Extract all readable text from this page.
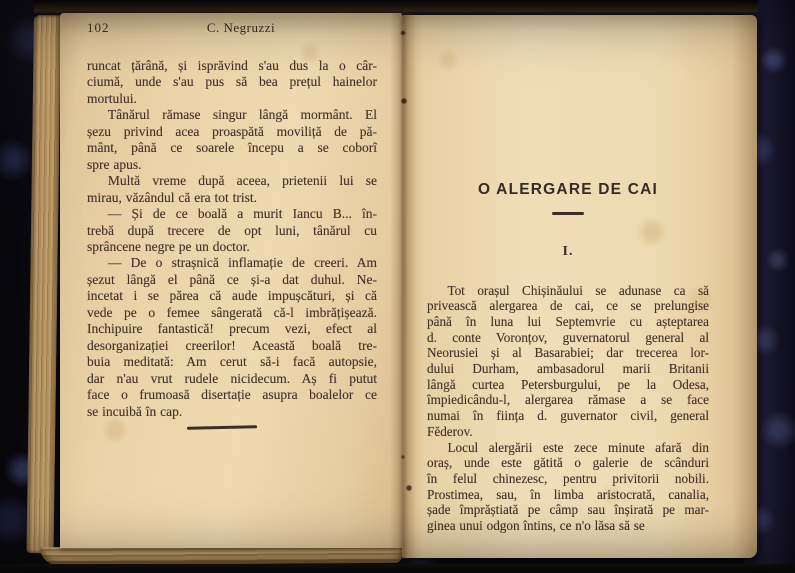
102	C. Negruzzi
runcat țărână, și isprăvind s'au dus la o câr-
ciumă, unde s'au pus să bea prețul hainelor
mortului.
Tânărul rămase singur lângă mormânt. El
șezu privind acea proaspătă moviliță de pă-
mânt, până ce soarele începu a se coborî
spre apus.
Multă vreme după aceea, prietenii lui se
mirau, văzândul că era tot trist.
— Și de ce boală a murit Iancu B... în-
trebă după trecere de opt luni, tânărul cu
sprâncene negre pe un doctor.
— De o strașnică inflamație de creeri. Am
șezut lângă el până ce și-a dat duhul. Ne-
incetat i se părea că aude impușcături, și că
vede pe o femee sângerată că-l imbrățișează.
Inchipuire fantastică! precum vezi, efect al
desorganizației creerilor! Această boală tre-
buia meditată: Am cerut să-i facă autopsie,
dar n'au vrut rudele nicidecum. Aș fi putut
face o frumoasă disertație asupra boalelor ce
se incuibă în cap.
O ALERGARE DE CAI
I.
Tot orașul Chișinăului se adunase ca să
privească alergarea de cai, ce se prelungise
până în luna lui Septemvrie cu așteptarea
d. conte Voronțov, guvernatorul general al
Neorusiei și al Basarabiei; dar trecerea lor-
dului Durham, ambasadorul marii Britanii
lângă curtea Petersburgului, pe la Odesa,
împiedicându-l, alergarea rămase a se face
numai în ființa d. guvernator civil, general
Fĕderov.
Locul alergării este zece minute afară din
oraș, unde este gătită o galerie de scânduri
în felul chinezesc, pentru privitorii nobili.
Prostimea, sau, în limba aristocrată, canalia,
șade împrăștiată pe câmp sau înșirată pe mar-
ginea unui odgon întins, ce n'o lăsa să se
